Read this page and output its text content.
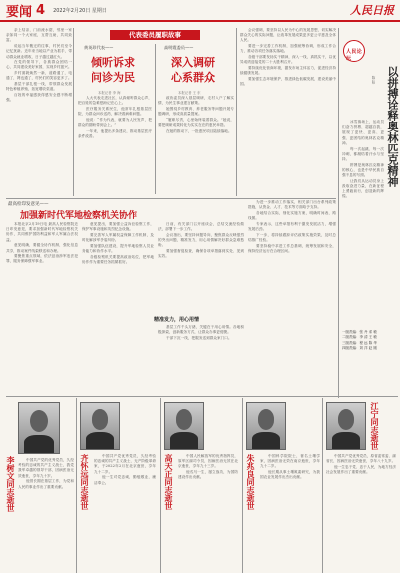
要闻 4 2022年2月20日 星期日	人民日报

亲上结亲，门前流水甜，邻里一家亲如同一个大家庭，互帮互助，共同致富。

说起当年搬迁的往事，村民们至今记忆犹新。近年来当地以产业为抓手，带动群众就业增收，日子越过越红火。

在党的领导下，各族群众团结一心，共同建设美好家园，实现乡村振兴。

乡村面貌焕然一新，道路通了，电通了，网也通了，村民们的笑容更多了。

基层干部扎根一线，带领群众发展特色种植养殖，拓宽增收渠道。

百姓的幸福感获得感安全感不断增强。

代表委员履职故事
黄英珍代表——
倾听诉求
问诊为民
本报记者 李 海
高明霞委员——
深入调研
心系群众
本报记者 王 东

人大代表走进社区，认真倾听群众心声，把百姓的急难愁盼记在心上。

医疗服务关系民生，他常年扎根基层医院，为群众问诊送药，解决看病难问题。

他说：“作为代表，就要为人民发声，把群众的期盼带到会上。”

一年来，他提出多条建议，推动基层医疗条件改善。

政协委员深入基层调研，走村入户了解实情，为民生事业建言献策。

她围绕乡村教育、养老服务等问题开展专题调研，形成高质量提案。

“履职尽责，心里始终装着群众。”她说，要把调研成果转化为实实在在的惠民举措。

在她的推动下，一批惠民项目陆续落地。

会议强调，要坚持以人民为中心的发展思想，切实解决群众关心的实际问题，让改革发展成果更多更公平惠及全体人民。

要进一步完善工作机制，加强统筹协调，形成工作合力，推动各项任务落实落地。

各级干部要发扬实干精神，深入一线，真抓实干，以优异成绩迎接党的二十大胜利召开。

要持续优化营商环境，激发市场主体活力，促进经济持续健康发展。

要加强生态环境保护，推进绿色低碳发展，建设美丽中国。

人民论坛
以拼搏诠释奥林匹克精神
陈 阳

冰雪赛场上，运动员们奋力拼搏、超越自我，展现了更快、更高、更强、更团结的奥林匹克精神。

每一次起跳、每一次冲刺，都凝结着汗水与坚持。

拼搏是奥林匹克精神的核心，也是中华民族自强不息的写照。

让我们从运动员身上汲取奋进力量，在新征程上勇毅前行，创造新的辉煌。

一版责编：张 丹 邓 敏
二版责编：李 清 王 敏
三版责编：程 远 陈 华
四版责编：刘 洋 赵 刚
最高检印发意见——
加强新时代军地检察机关协作

本报北京2月19日电 最高人民检察院近日印发意见，要求加强新时代军地检察机关协作，共同维护国防利益和军人军属合法权益。

意见明确，要健全协作机制，强化信息共享，推动案件线索移送和办理。

要聚焦重点领域，依法惩治涉军违法犯罪，服务保障强军事业。

意见提出，要加强公益诉讼检察工作，保护军事设施和英烈纪念设施。

要完善军人军属权益保障工作机制，及时化解涉军矛盾纠纷。

要加强队伍建设，提升军地检察人员业务能力和协作水平。

各级检察机关要提高政治站位，把军地协作作为重要任务抓紧抓好。

日前，有关部门召开座谈会，总结交流经验做法，部署下一步工作。

会议指出，要坚持问题导向，聚焦群众反映强烈的突出问题，精准发力，用心用情解决好群众急难愁盼。

要加强督促检查，确保各项举措落到实处、见到实效。

精准发力，用心用情

基层工作千头万绪，关键在于用心用情。各地积极探索，创新服务方式，让群众办事更便捷。

干部下沉一线，把服务送到群众家门口。

为进一步推动工作落实，相关部门出台系列政策措施，从资金、人才、技术等方面给予支持。

各地结合实际，细化实施方案，明确时间表、路线图。

专家表示，这些举措有利于激发发展活力，增强发展后劲。

下一步，将持续跟踪评估政策实施效果，及时总结推广经验。

要坚持稳中求进工作总基调，统筹发展和安全，保持经济运行在合理区间。

李树文同志逝世	中国共产党的优秀党员，久经考验的忠诚的共产主义战士，我党我军卓越的领导干部，因病医治无效逝世，享年九十岁。

他曾长期在基层工作，为党和人民的事业作出了重要贡献。	齐怀远同志逝世	中国共产党优秀党员，久经考验的忠诚的共产主义战士，无产阶级革命家，于2022年2月在北京逝世，享年九十二岁。

他一生对党忠诚，勤勉敬业，廉洁奉公。	高天正同志逝世	中国人民解放军的优秀指挥员，原军区副司令员，因病医治无效在北京逝世，享年九十三岁。

他戎马一生，屡立战功，为国防建设作出贡献。	朱兆良同志逝世	中国科学院院士，著名土壤学家，因病医治无效在南京逝世，享年九十二岁。

他长期从事土壤氮素研究，为我国农业发展作出杰出贡献。

江宁同志逝世

中国共产党优秀党员，原省委常委、副省长，因病医治无效逝世，享年八十九岁。

他一生忠于党、忠于人民，为地方经济社会发展作出了重要贡献。
